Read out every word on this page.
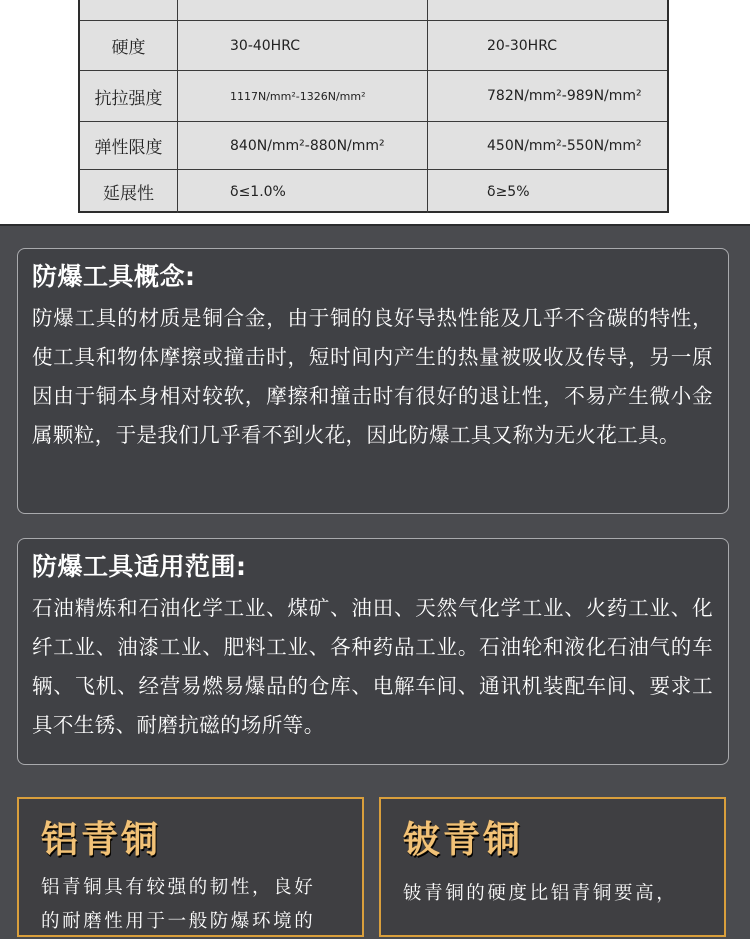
硬度	30-40HRC	20-30HRC
抗拉强度	1117N/mm²-1326N/mm²	782N/mm²-989N/mm²
弹性限度	840N/mm²-880N/mm²	450N/mm²-550N/mm²
延展性	δ≤1.0%	δ≥5%
防爆工具概念:

防爆工具的材质是铜合金，由于铜的良好导热性能及几乎不含碳的特性，使工具和物体摩擦或撞击时，短时间内产生的热量被吸收及传导，另一原因由于铜本身相对较软，摩擦和撞击时有很好的退让性，不易产生微小金属颗粒，于是我们几乎看不到火花，因此防爆工具又称为无火花工具。

防爆工具适用范围:

石油精炼和石油化学工业、煤矿、油田、天然气化学工业、火药工业、化纤工业、油漆工业、肥料工业、各种药品工业。石油轮和液化石油气的车辆、飞机、经营易燃易爆品的仓库、电解车间、通讯机装配车间、要求工具不生锈、耐磨抗磁的场所等。

铝青铜
铝青铜具有较强的韧性，良好
的耐磨性用于一般防爆环境的
铍青铜
铍青铜的硬度比铝青铜要高，
